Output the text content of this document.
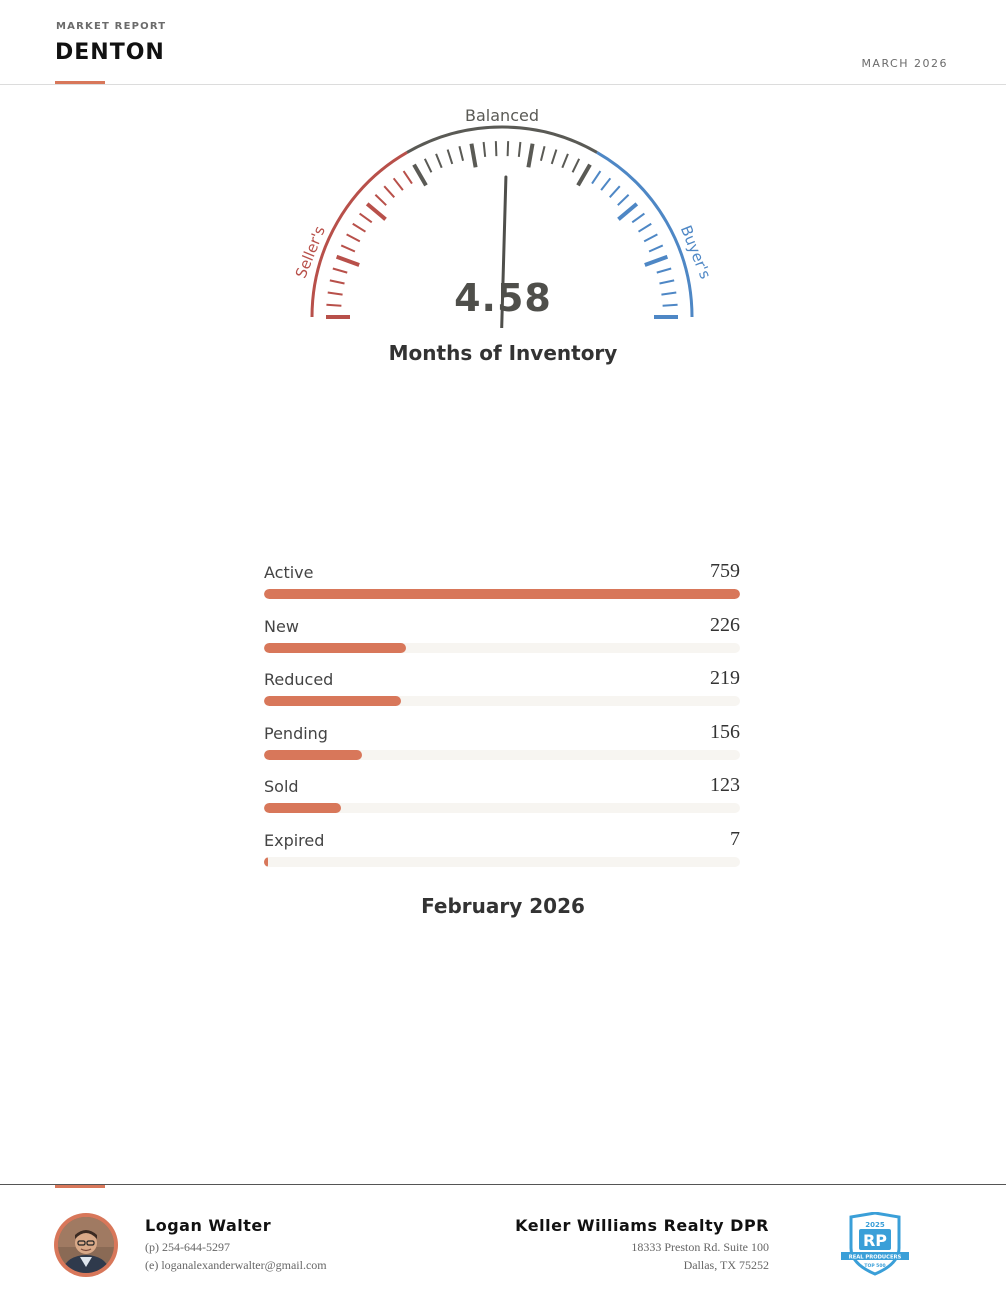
MARKET REPORT
DENTON	MARCH 2026
Balanced
Seller's	Buyer's
4.58
Months of Inventory
Active	759
New	226
Reduced	219
Pending	156
Sold	123
Expired	7
February 2026
Logan Walter
(p) 254-644-5297
(e) loganalexanderwalter@gmail.com
Keller Williams Realty DPR
18333 Preston Rd. Suite 100
Dallas, TX 75252
2025
RP
REAL PRODUCERS
TOP 500
